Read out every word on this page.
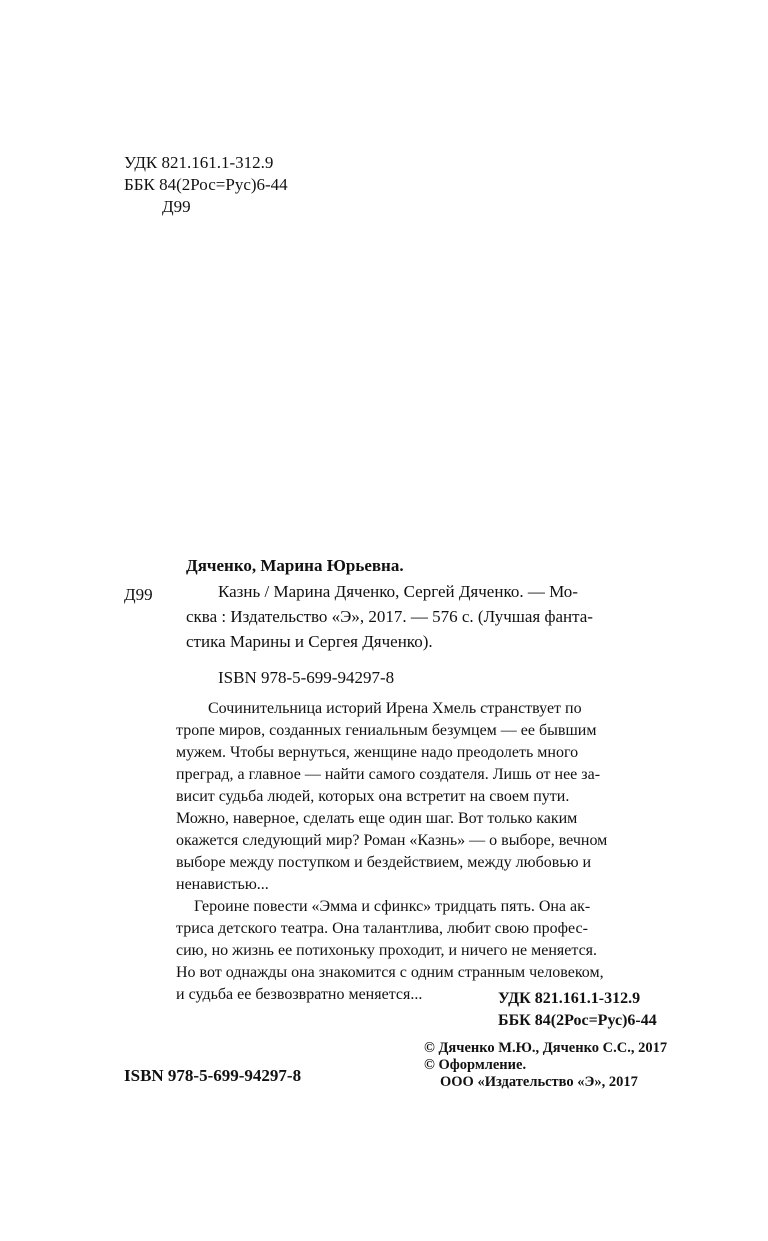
УДК 821.161.1-312.9
ББК 84(2Рос=Рус)6-44
Д99
Дяченко, Марина Юрьевна.
Д99	Казнь / Марина Дяченко, Сергей Дяченко. — Мо-
сква : Издательство «Э», 2017. — 576 с. (Лучшая фанта-
стика Марины и Сергея Дяченко).
ISBN 978-5-699-94297-8
Сочинительница историй Ирена Хмель странствует по
тропе миров, созданных гениальным безумцем — ее бывшим
мужем. Чтобы вернуться, женщине надо преодолеть много
преград, а главное — найти самого создателя. Лишь от нее за-
висит судьба людей, которых она встретит на своем пути.
Можно, наверное, сделать еще один шаг. Вот только каким
окажется следующий мир? Роман «Казнь» — о выборе, вечном
выборе между поступком и бездействием, между любовью и
ненавистью...
Героине повести «Эмма и сфинкс» тридцать пять. Она ак-
триса детского театра. Она талантлива, любит свою профес-
сию, но жизнь ее потихоньку проходит, и ничего не меняется.
Но вот однажды она знакомится с одним странным человеком,
и судьба ее безвозвратно меняется...	УДК 821.161.1-312.9
ББК 84(2Рос=Рус)6-44
© Дяченко М.Ю., Дяченко С.С., 2017
© Оформление.
ООО «Издательство «Э», 2017
ISBN 978-5-699-94297-8
